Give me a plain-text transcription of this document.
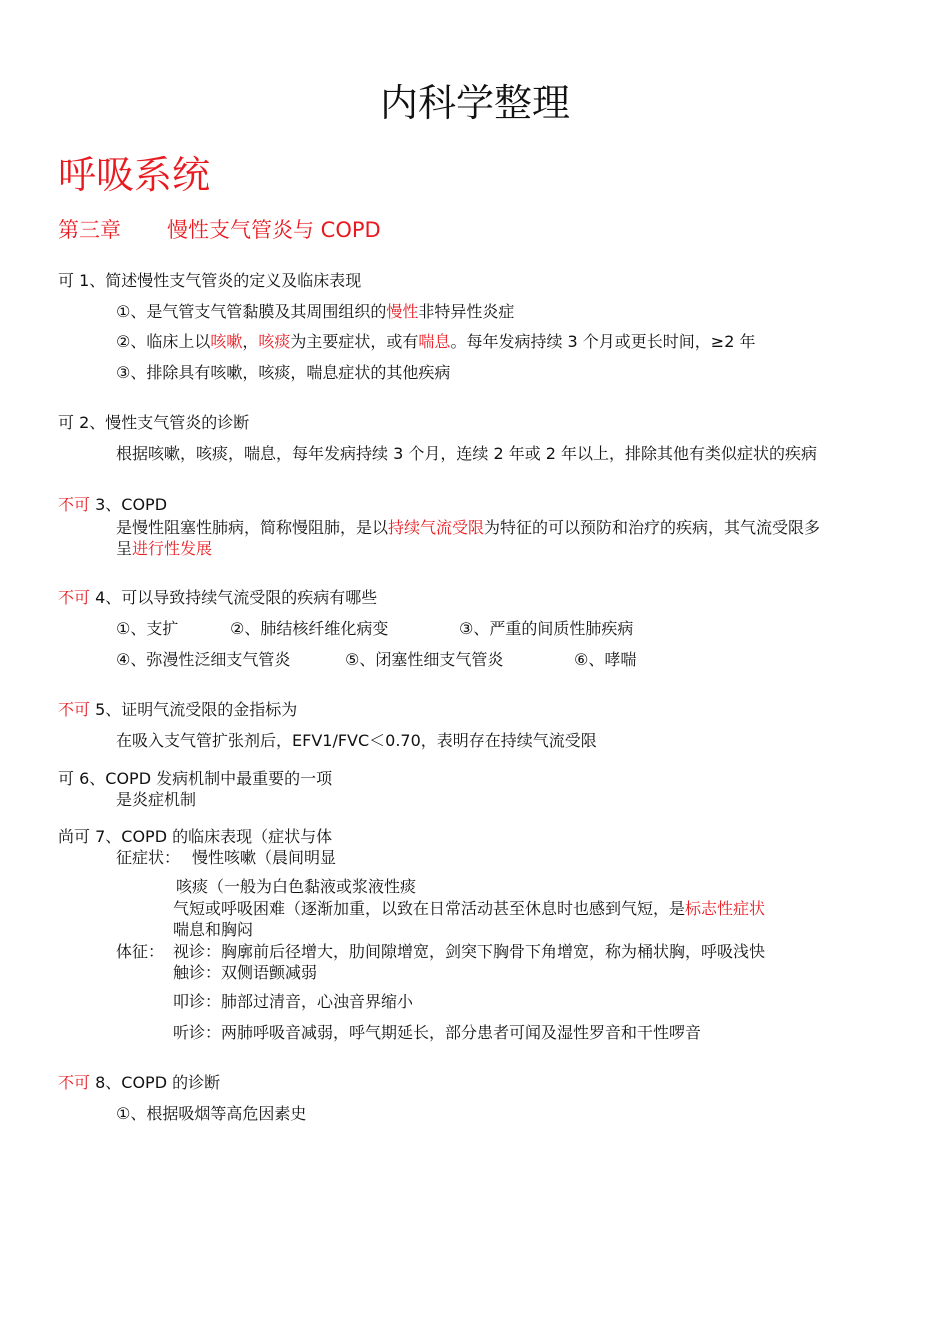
内科学整理
呼吸系统
第三章 慢性支气管炎与 COPD
可 1、简述慢性支气管炎的定义及临床表现
①、是气管支气管黏膜及其周围组织的慢性非特异性炎症
②、临床上以咳嗽，咳痰为主要症状，或有喘息。每年发病持续 3 个月或更长时间，≥2 年
③、排除具有咳嗽，咳痰，喘息症状的其他疾病
可 2、慢性支气管炎的诊断
根据咳嗽，咳痰，喘息，每年发病持续 3 个月，连续 2 年或 2 年以上，排除其他有类似症状的疾病
不可 3、COPD
是慢性阻塞性肺病，简称慢阻肺，是以持续气流受限为特征的可以预防和治疗的疾病，其气流受限多
呈进行性发展
不可 4、可以导致持续气流受限的疾病有哪些
①、支扩	②、肺结核纤维化病变	③、严重的间质性肺疾病
④、弥漫性泛细支气管炎	⑤、闭塞性细支气管炎	⑥、哮喘
不可 5、证明气流受限的金指标为
在吸入支气管扩张剂后，EFV1/FVC＜0.70，表明存在持续气流受限
可 6、COPD 发病机制中最重要的一项
是炎症机制
尚可 7、COPD 的临床表现（症状与体
征症状： 慢性咳嗽（晨间明显
咳痰（一般为白色黏液或浆液性痰
气短或呼吸困难（逐渐加重，以致在日常活动甚至休息时也感到气短，是标志性症状
喘息和胸闷
体征： 视诊：胸廓前后径增大，肋间隙增宽，剑突下胸骨下角增宽，称为桶状胸，呼吸浅快
触诊：双侧语颤减弱
叩诊：肺部过清音，心浊音界缩小
听诊：两肺呼吸音减弱，呼气期延长，部分患者可闻及湿性罗音和干性啰音
不可 8、COPD 的诊断
①、根据吸烟等高危因素史
